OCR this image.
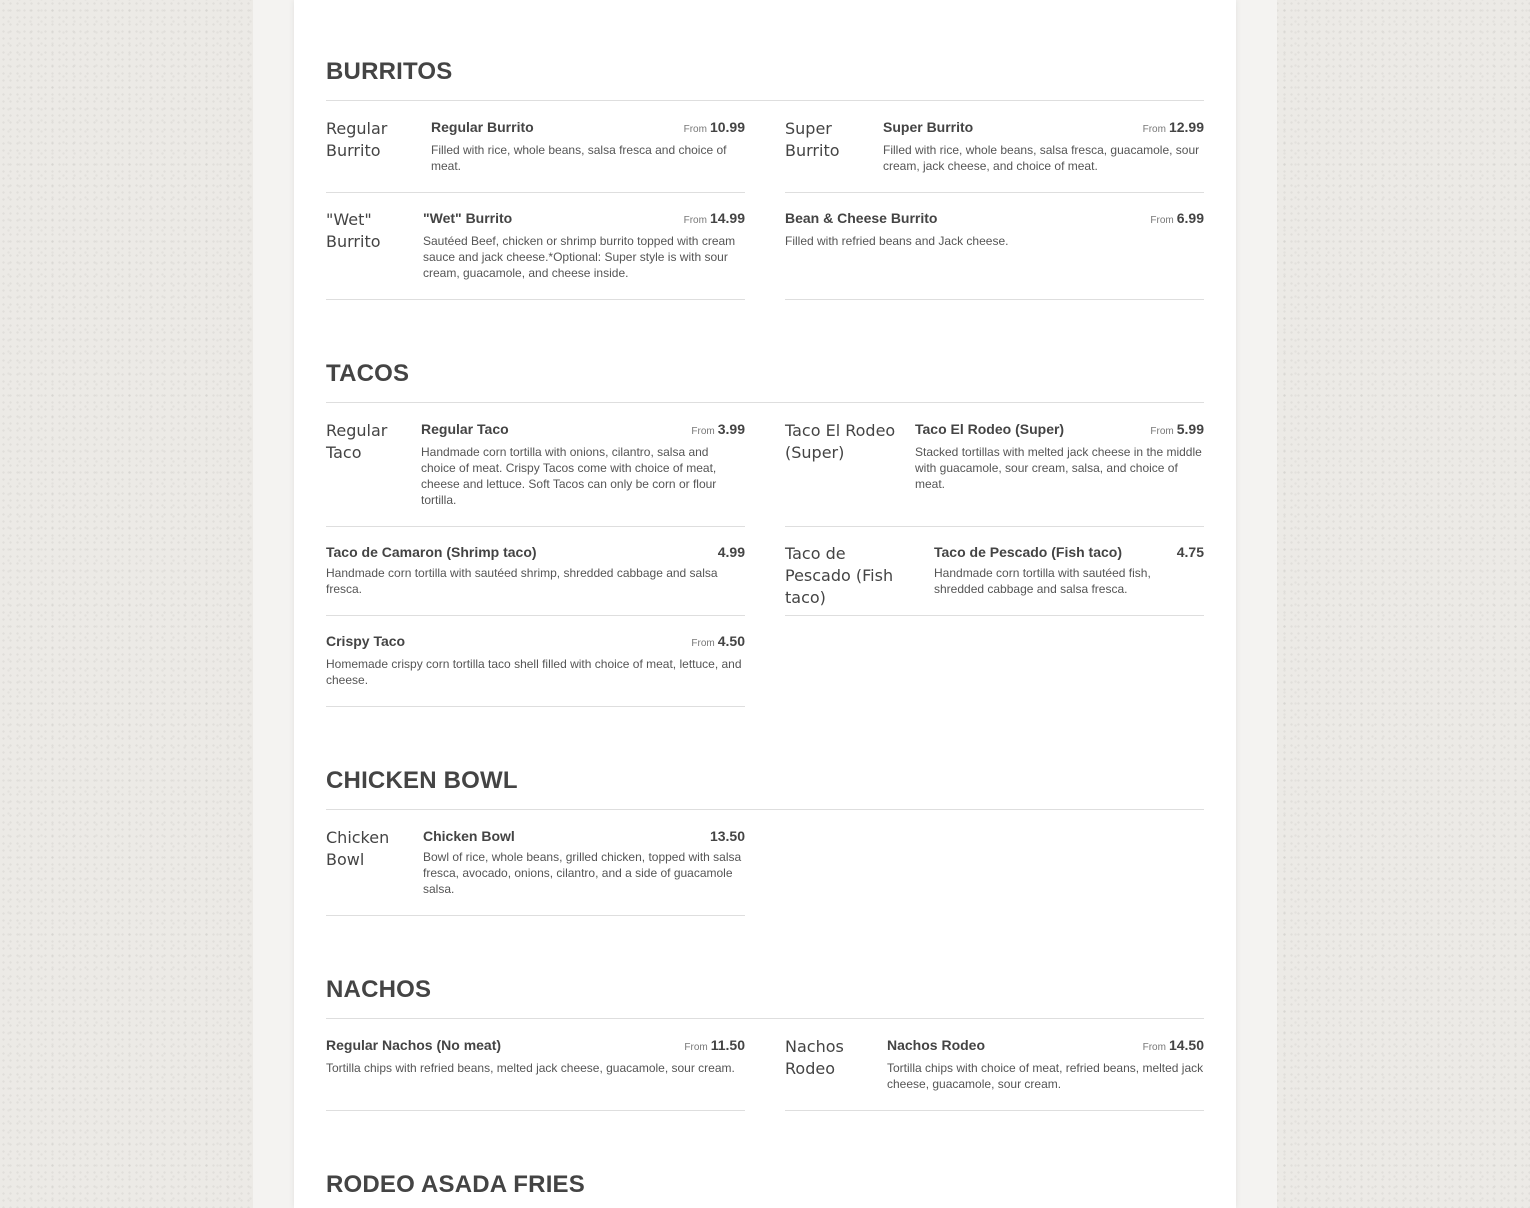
BURRITOS
Regular Burrito
Regular Burrito	From 10.99
Filled with rice, whole beans, salsa fresca and choice of meat.
Super Burrito
Super Burrito	From 12.99
Filled with rice, whole beans, salsa fresca, guacamole, sour cream, jack cheese, and choice of meat.
"Wet" Burrito
"Wet" Burrito	From 14.99
Sautéed Beef, chicken or shrimp burrito topped with cream sauce and jack cheese.*Optional: Super style is with sour cream, guacamole, and cheese inside.
Bean & Cheese Burrito	From 6.99
Filled with refried beans and Jack cheese.
TACOS
Regular Taco
Regular Taco	From 3.99
Handmade corn tortilla with onions, cilantro, salsa and choice of meat. Crispy Tacos come with choice of meat, cheese and lettuce. Soft Tacos can only be corn or flour tortilla.
Taco El Rodeo (Super)
Taco El Rodeo (Super)	From 5.99
Stacked tortillas with melted jack cheese in the middle with guacamole, sour cream, salsa, and choice of meat.
Taco de Camaron (Shrimp taco)	4.99
Handmade corn tortilla with sautéed shrimp, shredded cabbage and salsa fresca.
Taco de Pescado (Fish taco)
Taco de Pescado (Fish taco)	4.75
Handmade corn tortilla with sautéed fish, shredded cabbage and salsa fresca.
Crispy Taco	From 4.50
Homemade crispy corn tortilla taco shell filled with choice of meat, lettuce, and cheese.
CHICKEN BOWL
Chicken Bowl
Chicken Bowl	13.50
Bowl of rice, whole beans, grilled chicken, topped with salsa fresca, avocado, onions, cilantro, and a side of guacamole salsa.
NACHOS
Regular Nachos (No meat)	From 11.50
Tortilla chips with refried beans, melted jack cheese, guacamole, sour cream.
Nachos Rodeo
Nachos Rodeo	From 14.50
Tortilla chips with choice of meat, refried beans, melted jack cheese, guacamole, sour cream.
RODEO ASADA FRIES
